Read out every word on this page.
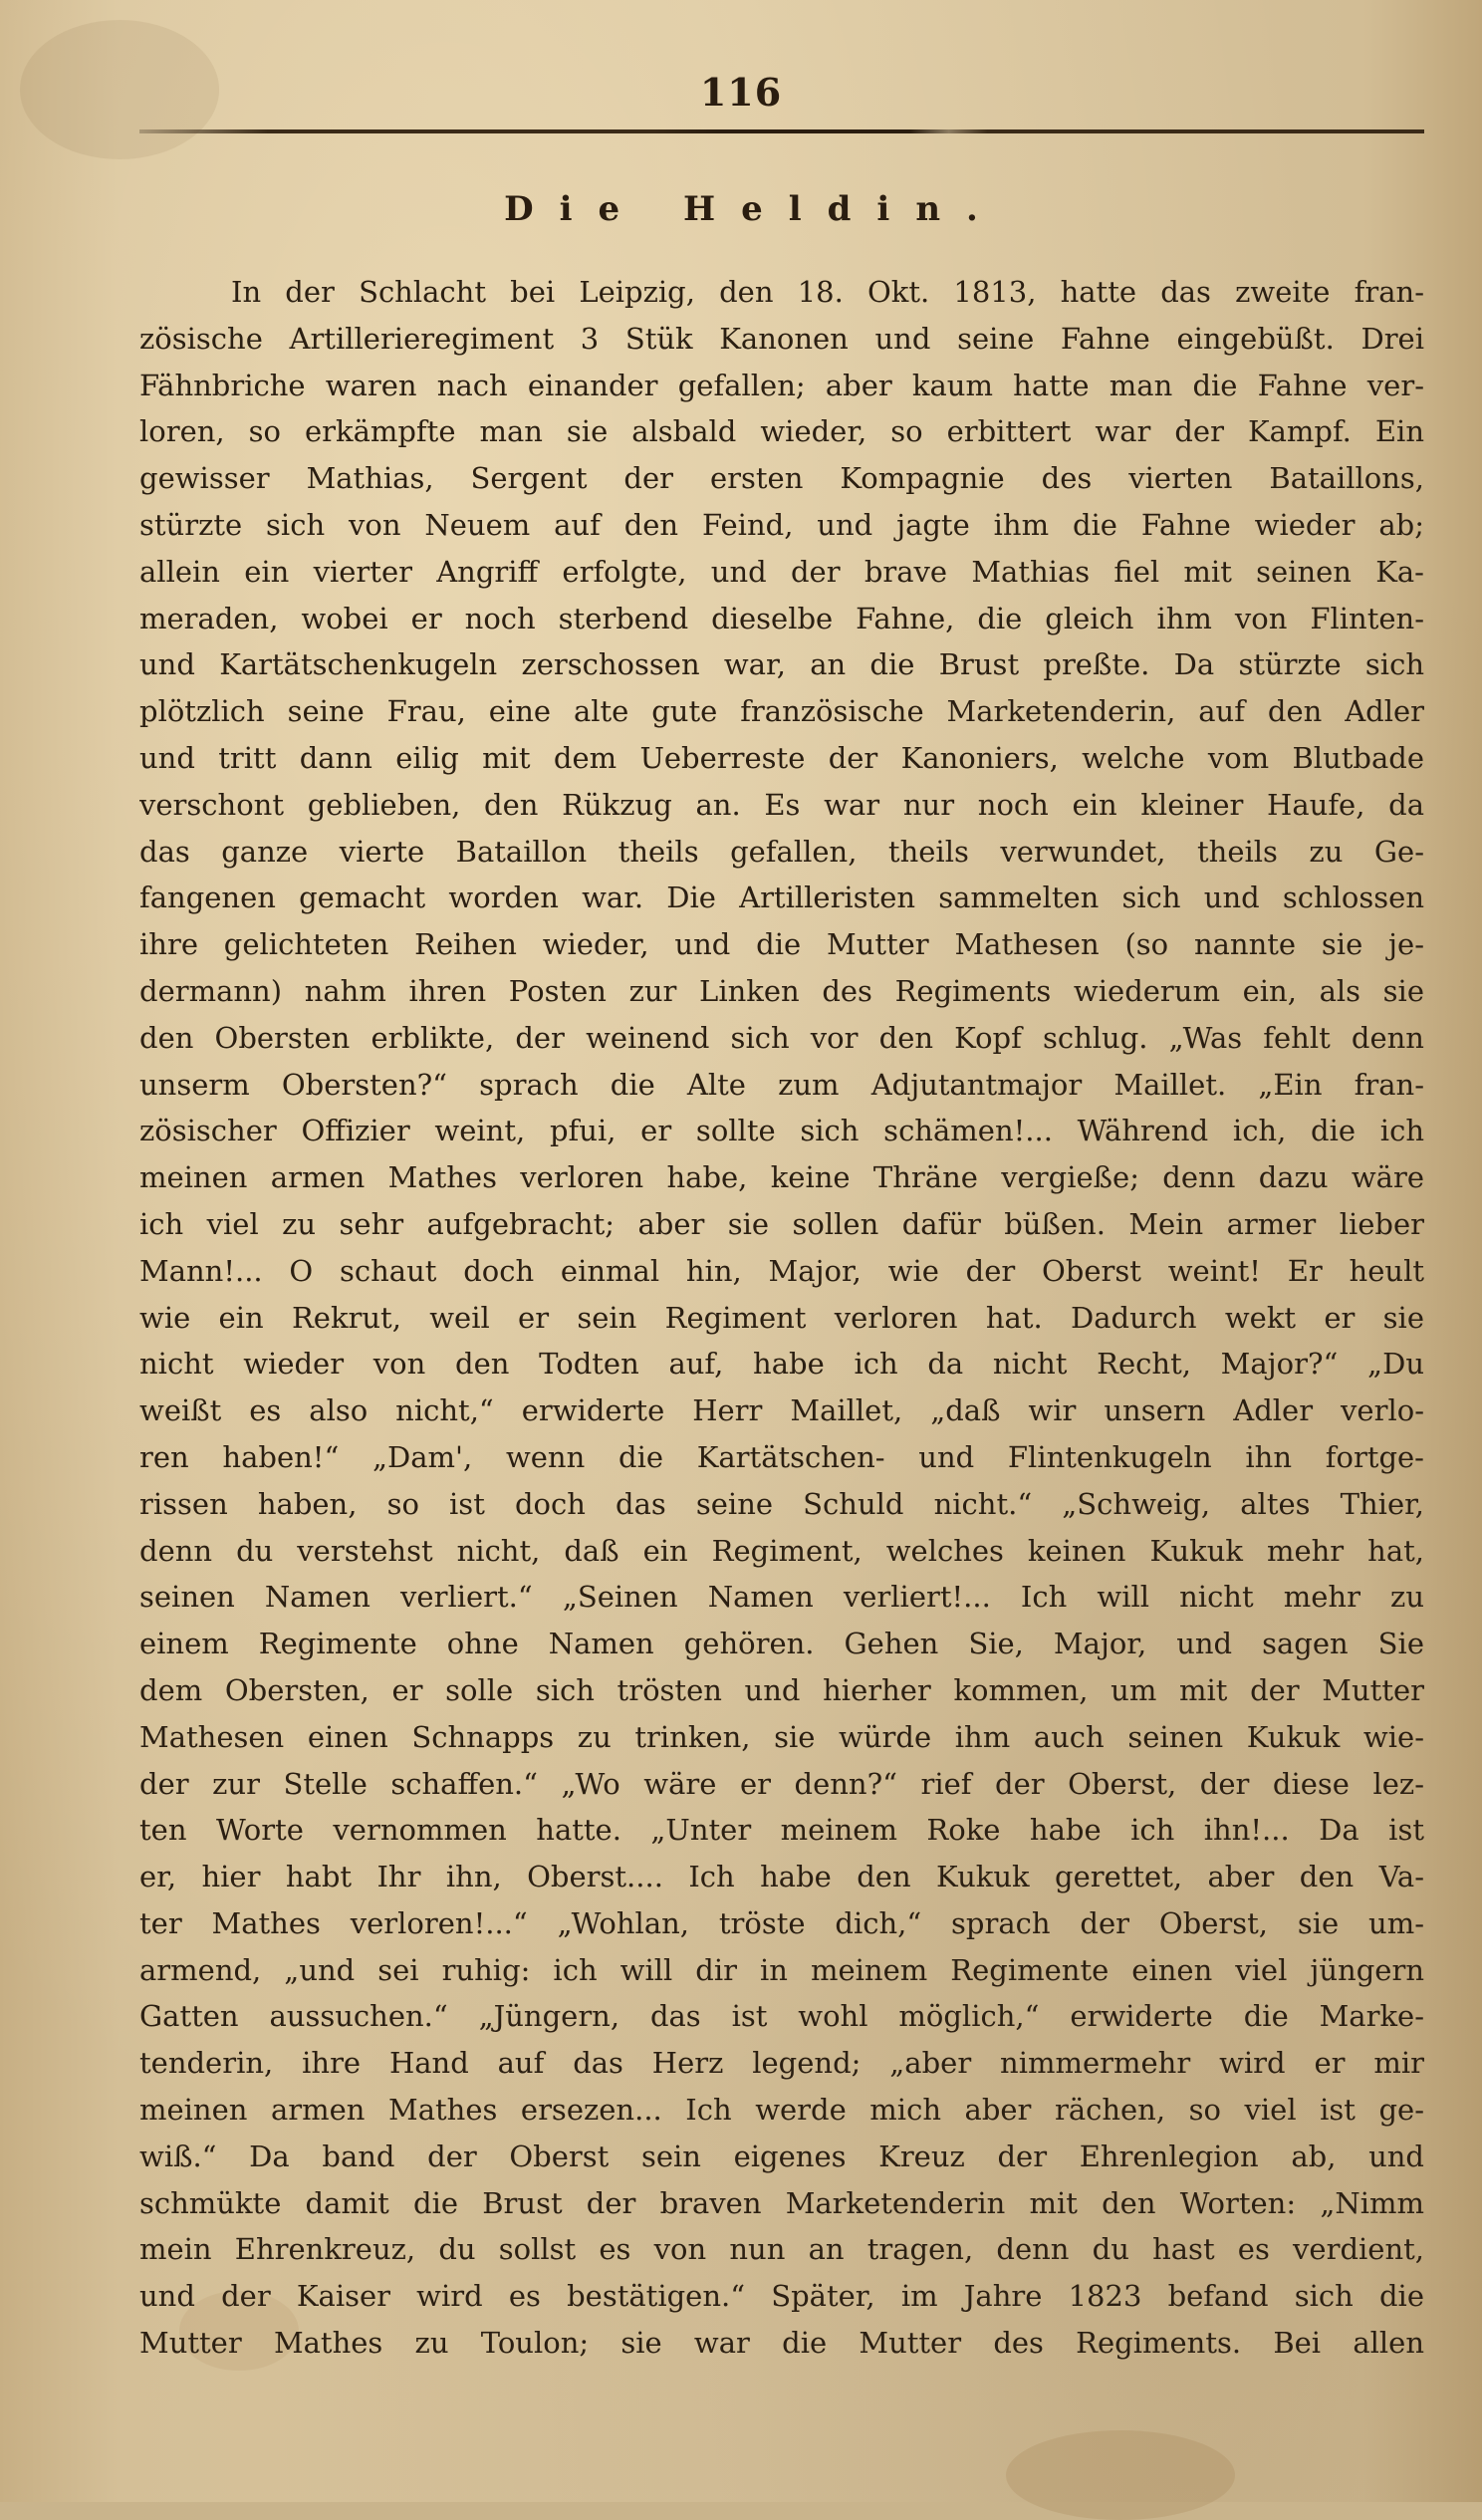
116
Die Heldin.
In der Schlacht bei Leipzig, den 18. Okt. 1813, hatte das zweite fran-
zösische Artillerieregiment 3 Stük Kanonen und seine Fahne eingebüßt. Drei
Fähnbriche waren nach einander gefallen; aber kaum hatte man die Fahne ver-
loren, so erkämpfte man sie alsbald wieder, so erbittert war der Kampf. Ein
gewisser Mathias, Sergent der ersten Kompagnie des vierten Bataillons,
stürzte sich von Neuem auf den Feind, und jagte ihm die Fahne wieder ab;
allein ein vierter Angriff erfolgte, und der brave Mathias fiel mit seinen Ka-
meraden, wobei er noch sterbend dieselbe Fahne, die gleich ihm von Flinten-
und Kartätschenkugeln zerschossen war, an die Brust preßte. Da stürzte sich
plötzlich seine Frau, eine alte gute französische Marketenderin, auf den Adler
und tritt dann eilig mit dem Ueberreste der Kanoniers, welche vom Blutbade
verschont geblieben, den Rükzug an. Es war nur noch ein kleiner Haufe, da
das ganze vierte Bataillon theils gefallen, theils verwundet, theils zu Ge-
fangenen gemacht worden war. Die Artilleristen sammelten sich und schlossen
ihre gelichteten Reihen wieder, und die Mutter Mathesen (so nannte sie je-
dermann) nahm ihren Posten zur Linken des Regiments wiederum ein, als sie
den Obersten erblikte, der weinend sich vor den Kopf schlug. „Was fehlt denn
unserm Obersten?“ sprach die Alte zum Adjutantmajor Maillet. „Ein fran-
zösischer Offizier weint, pfui, er sollte sich schämen!... Während ich, die ich
meinen armen Mathes verloren habe, keine Thräne vergieße; denn dazu wäre
ich viel zu sehr aufgebracht; aber sie sollen dafür büßen. Mein armer lieber
Mann!... O schaut doch einmal hin, Major, wie der Oberst weint! Er heult
wie ein Rekrut, weil er sein Regiment verloren hat. Dadurch wekt er sie
nicht wieder von den Todten auf, habe ich da nicht Recht, Major?“ „Du
weißt es also nicht,“ erwiderte Herr Maillet, „daß wir unsern Adler verlo-
ren haben!“ „Dam', wenn die Kartätschen- und Flintenkugeln ihn fortge-
rissen haben, so ist doch das seine Schuld nicht.“ „Schweig, altes Thier,
denn du verstehst nicht, daß ein Regiment, welches keinen Kukuk mehr hat,
seinen Namen verliert.“ „Seinen Namen verliert!... Ich will nicht mehr zu
einem Regimente ohne Namen gehören. Gehen Sie, Major, und sagen Sie
dem Obersten, er solle sich trösten und hierher kommen, um mit der Mutter
Mathesen einen Schnapps zu trinken, sie würde ihm auch seinen Kukuk wie-
der zur Stelle schaffen.“ „Wo wäre er denn?“ rief der Oberst, der diese lez-
ten Worte vernommen hatte. „Unter meinem Roke habe ich ihn!... Da ist
er, hier habt Ihr ihn, Oberst.... Ich habe den Kukuk gerettet, aber den Va-
ter Mathes verloren!...“ „Wohlan, tröste dich,“ sprach der Oberst, sie um-
armend, „und sei ruhig: ich will dir in meinem Regimente einen viel jüngern
Gatten aussuchen.“ „Jüngern, das ist wohl möglich,“ erwiderte die Marke-
tenderin, ihre Hand auf das Herz legend; „aber nimmermehr wird er mir
meinen armen Mathes ersezen... Ich werde mich aber rächen, so viel ist ge-
wiß.“ Da band der Oberst sein eigenes Kreuz der Ehrenlegion ab, und
schmükte damit die Brust der braven Marketenderin mit den Worten: „Nimm
mein Ehrenkreuz, du sollst es von nun an tragen, denn du hast es verdient,
und der Kaiser wird es bestätigen.“ Später, im Jahre 1823 befand sich die
Mutter Mathes zu Toulon; sie war die Mutter des Regiments. Bei allen
